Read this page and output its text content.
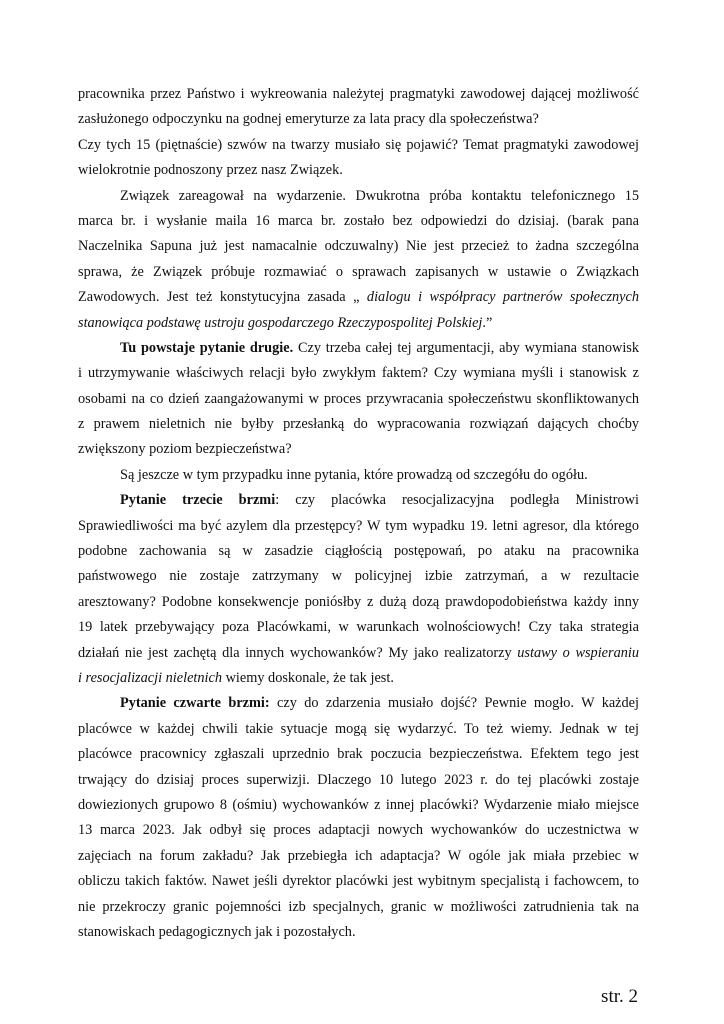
pracownika przez Państwo i wykreowania należytej pragmatyki zawodowej dającej możliwość
zasłużonego odpoczynku na godnej emeryturze za lata pracy dla społeczeństwa?
Czy tych 15 (piętnaście) szwów na twarzy musiało się pojawić? Temat pragmatyki zawodowej
wielokrotnie podnoszony przez nasz Związek.
Związek zareagował na wydarzenie. Dwukrotna próba kontaktu telefonicznego 15
marca br. i wysłanie maila 16 marca br. zostało bez odpowiedzi do dzisiaj. (barak pana
Naczelnika Sapuna już jest namacalnie odczuwalny) Nie jest przecież to żadna szczególna
sprawa, że Związek próbuje rozmawiać o sprawach zapisanych w ustawie o Związkach
Zawodowych. Jest też konstytucyjna zasada „ dialogu i współpracy partnerów społecznych
stanowiąca podstawę ustroju gospodarczego Rzeczypospolitej Polskiej.”
Tu powstaje pytanie drugie. Czy trzeba całej tej argumentacji, aby wymiana stanowisk
i utrzymywanie właściwych relacji było zwykłym faktem? Czy wymiana myśli i stanowisk z
osobami na co dzień zaangażowanymi w proces przywracania społeczeństwu skonfliktowanych
z prawem nieletnich nie byłby przesłanką do wypracowania rozwiązań dających choćby
zwiększony poziom bezpieczeństwa?
Są jeszcze w tym przypadku inne pytania, które prowadzą od szczegółu do ogółu.
Pytanie trzecie brzmi: czy placówka resocjalizacyjna podległa Ministrowi
Sprawiedliwości ma być azylem dla przestępcy? W tym wypadku 19. letni agresor, dla którego
podobne zachowania są w zasadzie ciągłością postępowań, po ataku na pracownika
państwowego nie zostaje zatrzymany w policyjnej izbie zatrzymań, a w rezultacie
aresztowany? Podobne konsekwencje poniósłby z dużą dozą prawdopodobieństwa każdy inny
19 latek przebywający poza Placówkami, w warunkach wolnościowych! Czy taka strategia
działań nie jest zachętą dla innych wychowanków? My jako realizatorzy ustawy o wspieraniu
i resocjalizacji nieletnich wiemy doskonale, że tak jest.
Pytanie czwarte brzmi: czy do zdarzenia musiało dojść? Pewnie mogło. W każdej
placówce w każdej chwili takie sytuacje mogą się wydarzyć. To też wiemy. Jednak w tej
placówce pracownicy zgłaszali uprzednio brak poczucia bezpieczeństwa. Efektem tego jest
trwający do dzisiaj proces superwizji. Dlaczego 10 lutego 2023 r. do tej placówki zostaje
dowiezionych grupowo 8 (ośmiu) wychowanków z innej placówki? Wydarzenie miało miejsce
13 marca 2023. Jak odbył się proces adaptacji nowych wychowanków do uczestnictwa w
zajęciach na forum zakładu? Jak przebiegła ich adaptacja? W ogóle jak miała przebiec w
obliczu takich faktów. Nawet jeśli dyrektor placówki jest wybitnym specjalistą i fachowcem, to
nie przekroczy granic pojemności izb specjalnych, granic w możliwości zatrudnienia tak na
stanowiskach pedagogicznych jak i pozostałych.
str. 2
